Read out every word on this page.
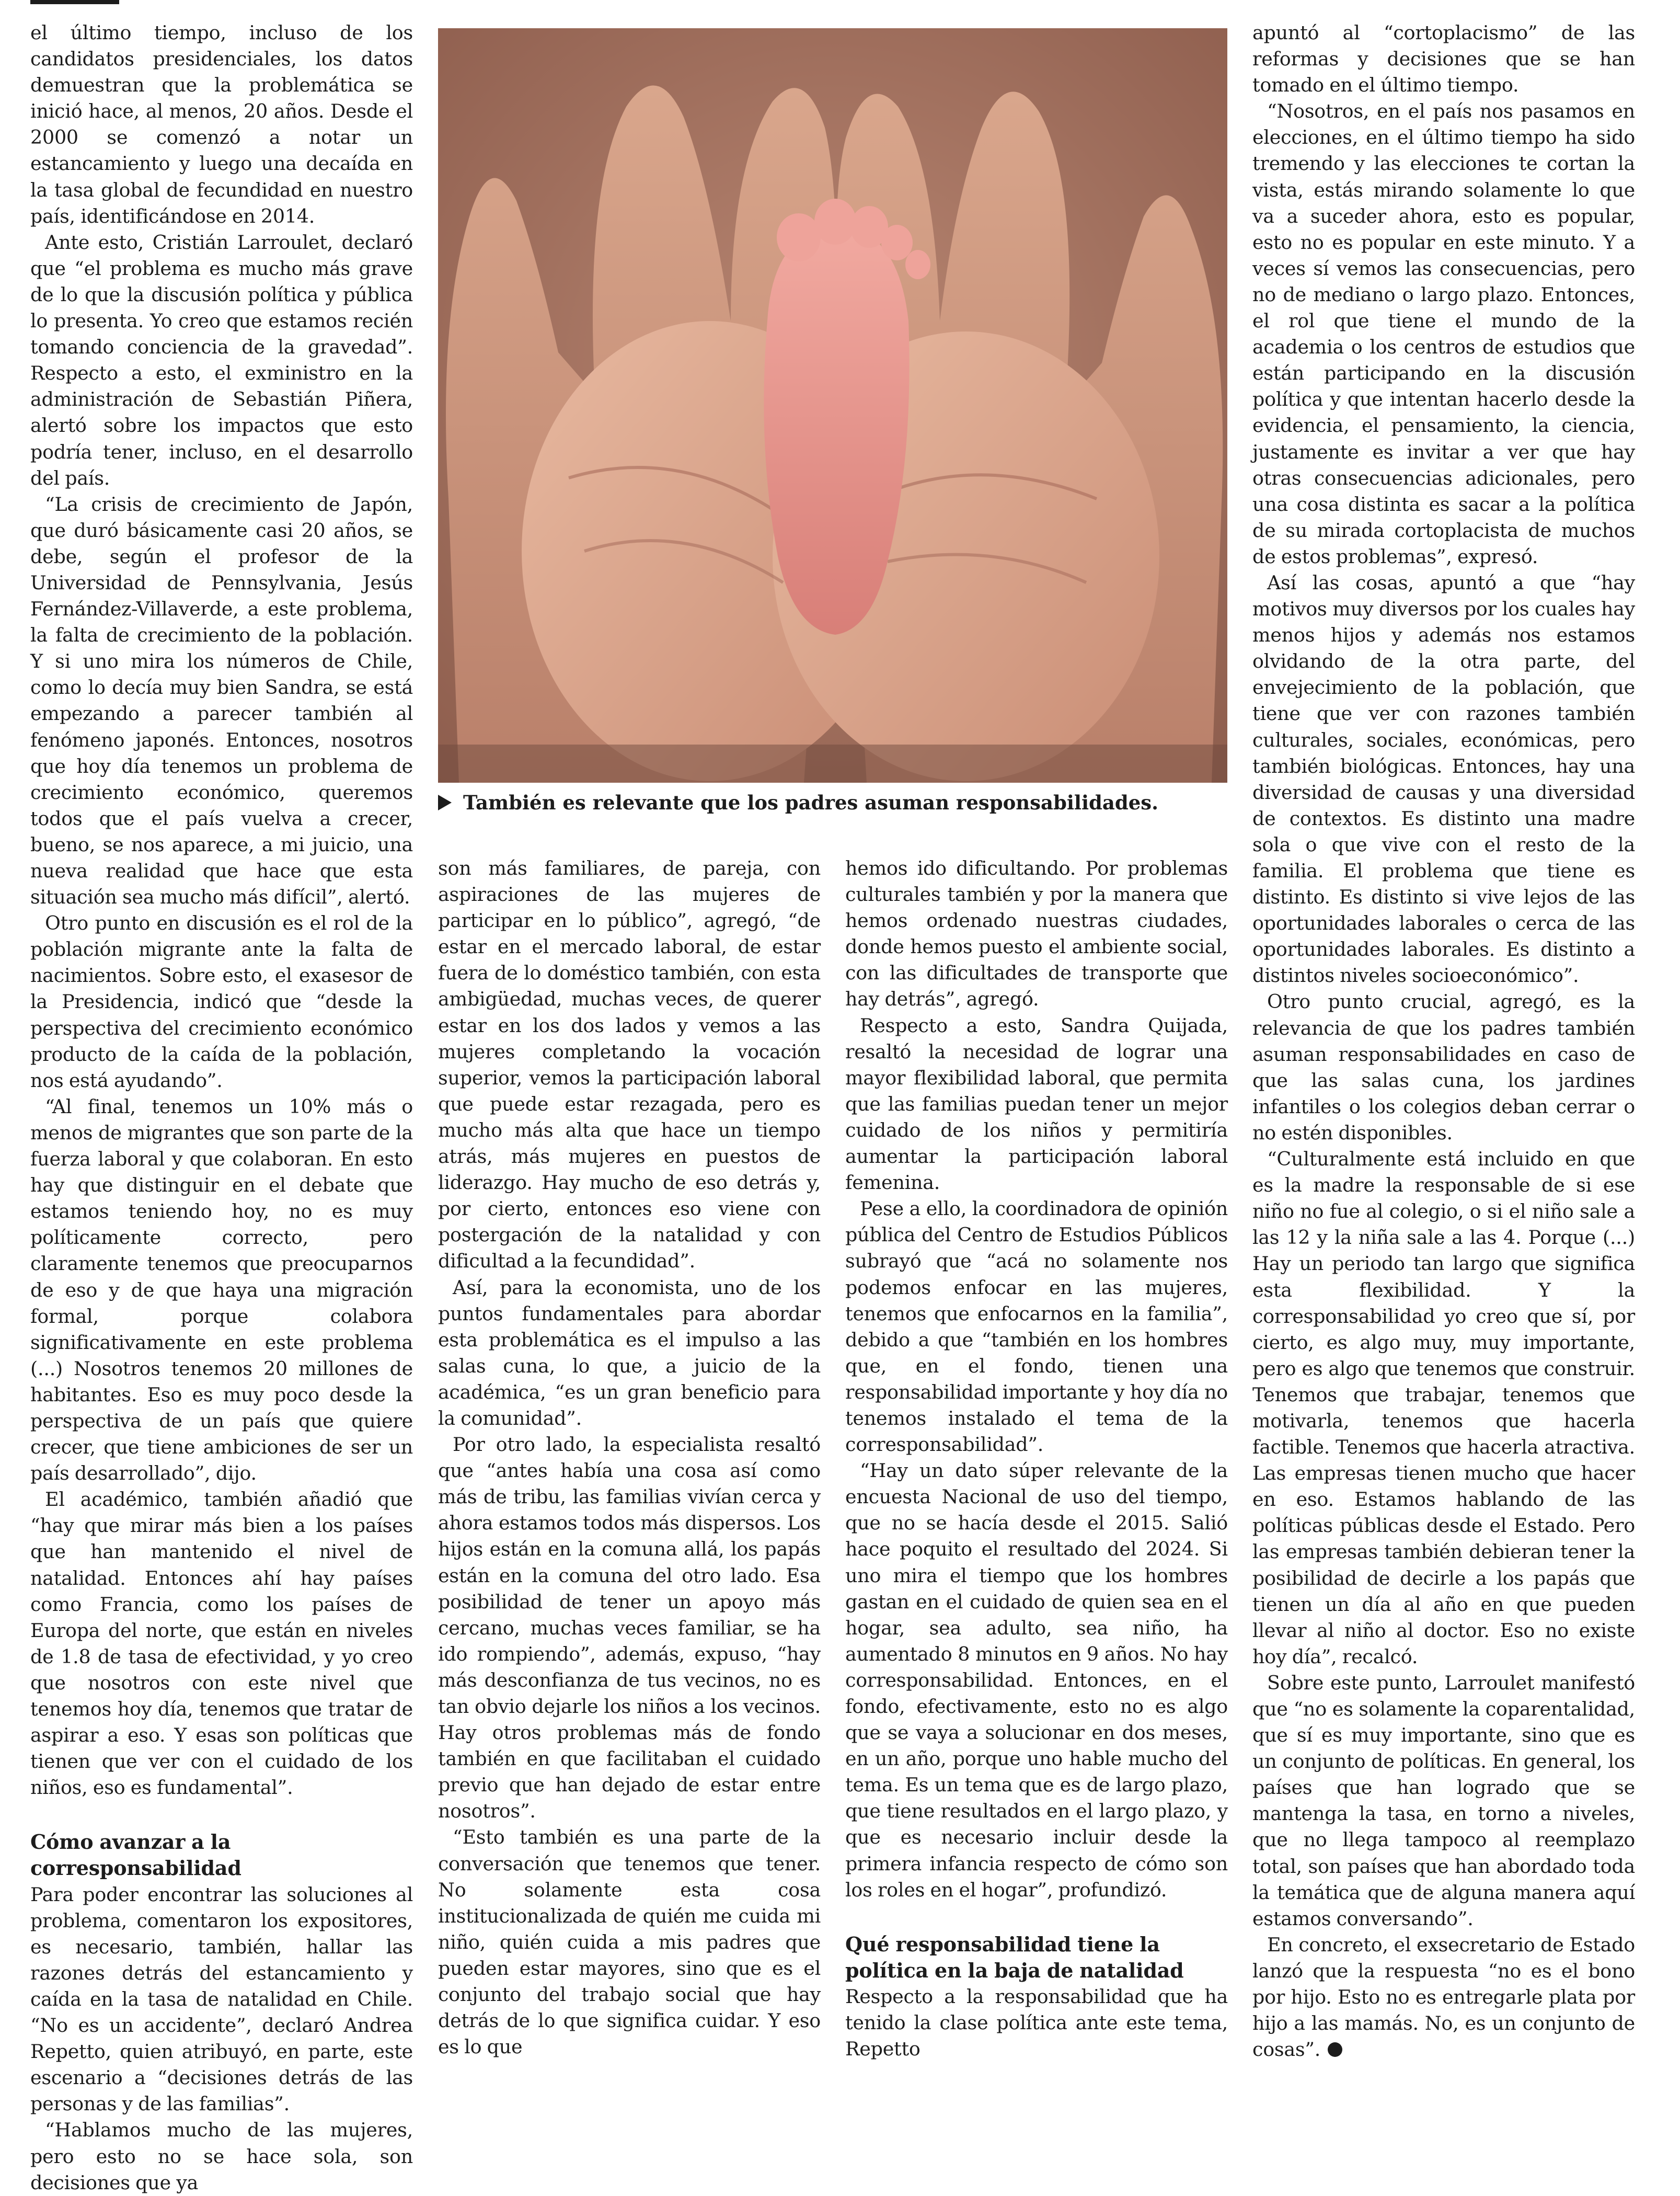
el último tiempo, incluso de los candidatos presidenciales, los datos demuestran que la problemática se inició hace, al menos, 20 años. Desde el 2000 se comenzó a notar un estancamiento y luego una decaída en la tasa global de fecundidad en nuestro país, identificándose en 2014.

Ante esto, Cristián Larroulet, declaró que “el problema es mucho más grave de lo que la discusión política y pública lo presenta. Yo creo que estamos recién tomando conciencia de la gravedad”. Respecto a esto, el exministro en la administración de Sebastián Piñera, alertó sobre los impactos que esto podría tener, incluso, en el desarrollo del país.

“La crisis de crecimiento de Japón, que duró básicamente casi 20 años, se debe, según el profesor de la Universidad de Pennsylvania, Jesús Fernández-Villaverde, a este problema, la falta de crecimiento de la población. Y si uno mira los números de Chile, como lo decía muy bien Sandra, se está empezando a parecer también al fenómeno japonés. Entonces, nosotros que hoy día tenemos un problema de crecimiento económico, queremos todos que el país vuelva a crecer, bueno, se nos aparece, a mi juicio, una nueva realidad que hace que esta situación sea mucho más difícil”, alertó.

Otro punto en discusión es el rol de la población migrante ante la falta de nacimientos. Sobre esto, el exasesor de la Presidencia, indicó que “desde la perspectiva del crecimiento económico producto de la caída de la población, nos está ayudando”.

“Al final, tenemos un 10% más o menos de migrantes que son parte de la fuerza laboral y que colaboran. En esto hay que distinguir en el debate que estamos teniendo hoy, no es muy políticamente correcto, pero claramente tenemos que preocuparnos de eso y de que haya una migración formal, porque colabora significativamente en este problema (...) Nosotros tenemos 20 millones de habitantes. Eso es muy poco desde la perspectiva de un país que quiere crecer, que tiene ambiciones de ser un país desarrollado”, dijo.

El académico, también añadió que “hay que mirar más bien a los países que han mantenido el nivel de natalidad. Entonces ahí hay países como Francia, como los países de Europa del norte, que están en niveles de 1.8 de tasa de efectividad, y yo creo que nosotros con este nivel que tenemos hoy día, tenemos que tratar de aspirar a eso. Y esas son políticas que tienen que ver con el cuidado de los niños, eso es fundamental”.

Cómo avanzar a la corresponsabilidad

Para poder encontrar las soluciones al problema, comentaron los expositores, es necesario, también, hallar las razones detrás del estancamiento y caída en la tasa de natalidad en Chile. “No es un accidente”, declaró Andrea Repetto, quien atribuyó, en parte, este escenario a “decisiones detrás de las personas y de las familias”.

“Hablamos mucho de las mujeres, pero esto no se hace sola, son decisiones que ya

También es relevante que los padres asuman responsabilidades.

son más familiares, de pareja, con aspiraciones de las mujeres de participar en lo público”, agregó, “de estar en el mercado laboral, de estar fuera de lo doméstico también, con esta ambigüedad, muchas veces, de querer estar en los dos lados y vemos a las mujeres completando la vocación superior, vemos la participación laboral que puede estar rezagada, pero es mucho más alta que hace un tiempo atrás, más mujeres en puestos de liderazgo. Hay mucho de eso detrás y, por cierto, entonces eso viene con postergación de la natalidad y con dificultad a la fecundidad”.

Así, para la economista, uno de los puntos fundamentales para abordar esta problemática es el impulso a las salas cuna, lo que, a juicio de la académica, “es un gran beneficio para la comunidad”.

Por otro lado, la especialista resaltó que “antes había una cosa así como más de tribu, las familias vivían cerca y ahora estamos todos más dispersos. Los hijos están en la comuna allá, los papás están en la comuna del otro lado. Esa posibilidad de tener un apoyo más cercano, muchas veces familiar, se ha ido rompiendo”, además, expuso, “hay más desconfianza de tus vecinos, no es tan obvio dejarle los niños a los vecinos. Hay otros problemas más de fondo también en que facilitaban el cuidado previo que han dejado de estar entre nosotros”.

“Esto también es una parte de la conversación que tenemos que tener. No solamente esta cosa institucionalizada de quién me cuida mi niño, quién cuida a mis padres que pueden estar mayores, sino que es el conjunto del trabajo social que hay detrás de lo que significa cuidar. Y eso es lo que

hemos ido dificultando. Por problemas culturales también y por la manera que hemos ordenado nuestras ciudades, donde hemos puesto el ambiente social, con las dificultades de transporte que hay detrás”, agregó.

Respecto a esto, Sandra Quijada, resaltó la necesidad de lograr una mayor flexibilidad laboral, que permita que las familias puedan tener un mejor cuidado de los niños y permitiría aumentar la participación laboral femenina.

Pese a ello, la coordinadora de opinión pública del Centro de Estudios Públicos subrayó que “acá no solamente nos podemos enfocar en las mujeres, tenemos que enfocarnos en la familia”, debido a que “también en los hombres que, en el fondo, tienen una responsabilidad importante y hoy día no tenemos instalado el tema de la corresponsabilidad”.

“Hay un dato súper relevante de la encuesta Nacional de uso del tiempo, que no se hacía desde el 2015. Salió hace poquito el resultado del 2024. Si uno mira el tiempo que los hombres gastan en el cuidado de quien sea en el hogar, sea adulto, sea niño, ha aumentado 8 minutos en 9 años. No hay corresponsabilidad. Entonces, en el fondo, efectivamente, esto no es algo que se vaya a solucionar en dos meses, en un año, porque uno hable mucho del tema. Es un tema que es de largo plazo, que tiene resultados en el largo plazo, y que es necesario incluir desde la primera infancia respecto de cómo son los roles en el hogar”, profundizó.

Qué responsabilidad tiene la política en la baja de natalidad

Respecto a la responsabilidad que ha tenido la clase política ante este tema, Repetto

apuntó al “cortoplacismo” de las reformas y decisiones que se han tomado en el último tiempo.

“Nosotros, en el país nos pasamos en elecciones, en el último tiempo ha sido tremendo y las elecciones te cortan la vista, estás mirando solamente lo que va a suceder ahora, esto es popular, esto no es popular en este minuto. Y a veces sí vemos las consecuencias, pero no de mediano o largo plazo. Entonces, el rol que tiene el mundo de la academia o los centros de estudios que están participando en la discusión política y que intentan hacerlo desde la evidencia, el pensamiento, la ciencia, justamente es invitar a ver que hay otras consecuencias adicionales, pero una cosa distinta es sacar a la política de su mirada cortoplacista de muchos de estos problemas”, expresó.

Así las cosas, apuntó a que “hay motivos muy diversos por los cuales hay menos hijos y además nos estamos olvidando de la otra parte, del envejecimiento de la población, que tiene que ver con razones también culturales, sociales, económicas, pero también biológicas. Entonces, hay una diversidad de causas y una diversidad de contextos. Es distinto una madre sola o que vive con el resto de la familia. El problema que tiene es distinto. Es distinto si vive lejos de las oportunidades laborales o cerca de las oportunidades laborales. Es distinto a distintos niveles socioeconómico”.

Otro punto crucial, agregó, es la relevancia de que los padres también asuman responsabilidades en caso de que las salas cuna, los jardines infantiles o los colegios deban cerrar o no estén disponibles.

“Culturalmente está incluido en que es la madre la responsable de si ese niño no fue al colegio, o si el niño sale a las 12 y la niña sale a las 4. Porque (...) Hay un periodo tan largo que significa esta flexibilidad. Y la corresponsabilidad yo creo que sí, por cierto, es algo muy, muy importante, pero es algo que tenemos que construir. Tenemos que trabajar, tenemos que motivarla, tenemos que hacerla factible. Tenemos que hacerla atractiva. Las empresas tienen mucho que hacer en eso. Estamos hablando de las políticas públicas desde el Estado. Pero las empresas también debieran tener la posibilidad de decirle a los papás que tienen un día al año en que pueden llevar al niño al doctor. Eso no existe hoy día”, recalcó.

Sobre este punto, Larroulet manifestó que “no es solamente la coparentalidad, que sí es muy importante, sino que es un conjunto de políticas. En general, los países que han logrado que se mantenga la tasa, en torno a niveles, que no llega tampoco al reemplazo total, son países que han abordado toda la temática que de alguna manera aquí estamos conversando”.

En concreto, el exsecretario de Estado lanzó que la respuesta “no es el bono por hijo. Esto no es entregarle plata por hijo a las mamás. No, es un conjunto de cosas”.
